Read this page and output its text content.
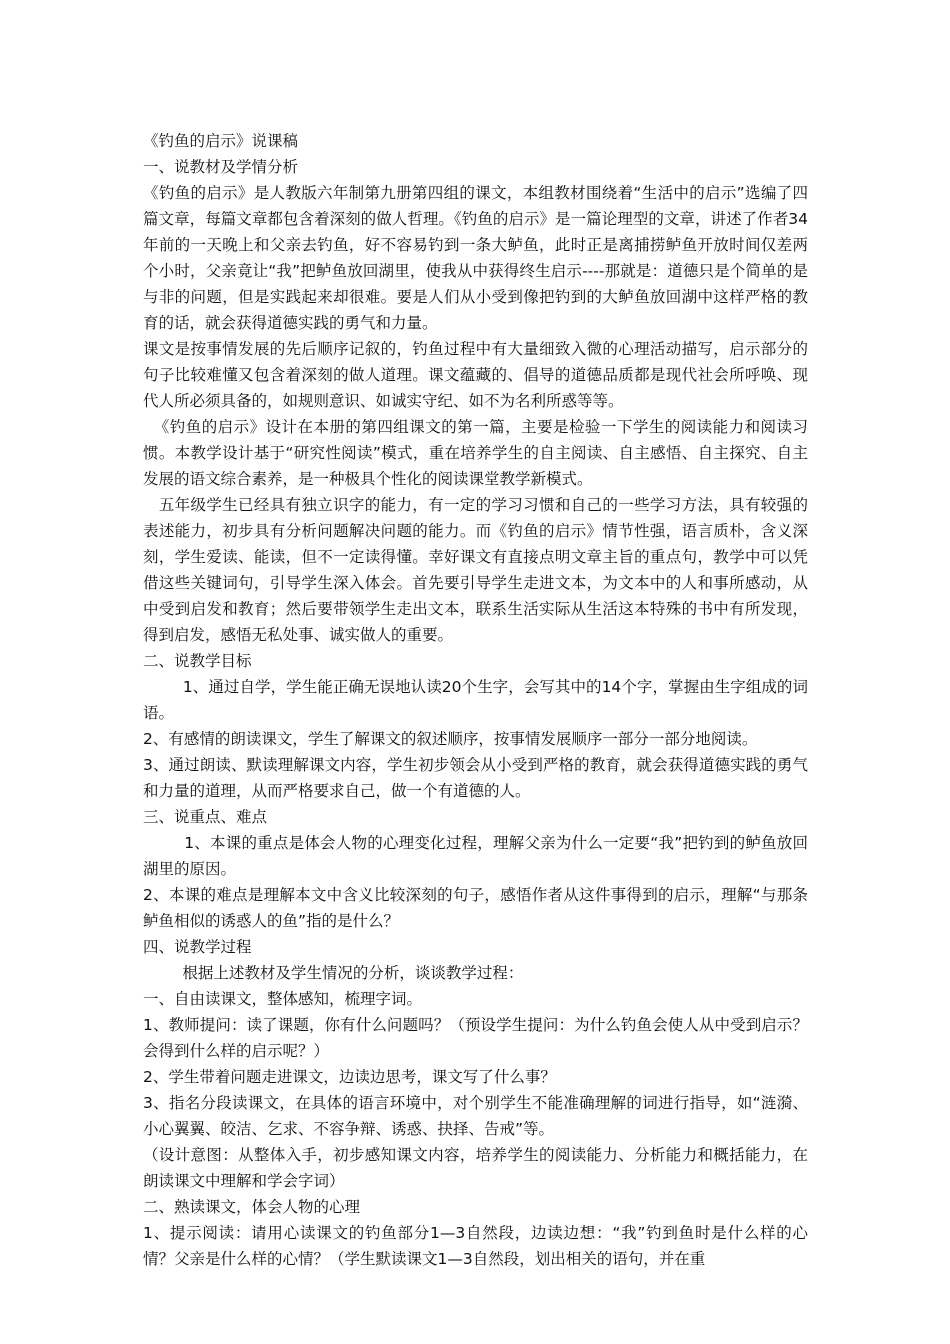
《钓鱼的启示》说课稿

一、说教材及学情分析

《钓鱼的启示》是人教版六年制第九册第四组的课文，本组教材围绕着“生活中的启示”选编了四篇文章，每篇文章都包含着深刻的做人哲理。《钓鱼的启示》是一篇论理型的文章，讲述了作者34年前的一天晚上和父亲去钓鱼，好不容易钓到一条大鲈鱼，此时正是离捕捞鲈鱼开放时间仅差两个小时，父亲竟让“我”把鲈鱼放回湖里，使我从中获得终生启示----那就是：道德只是个简单的是与非的问题，但是实践起来却很难。要是人们从小受到像把钓到的大鲈鱼放回湖中这样严格的教育的话，就会获得道德实践的勇气和力量。

课文是按事情发展的先后顺序记叙的，钓鱼过程中有大量细致入微的心理活动描写，启示部分的句子比较难懂又包含着深刻的做人道理。课文蕴藏的、倡导的道德品质都是现代社会所呼唤、现代人所必须具备的，如规则意识、如诚实守纪、如不为名利所惑等等。

《钓鱼的启示》设计在本册的第四组课文的第一篇，主要是检验一下学生的阅读能力和阅读习惯。本教学设计基于“研究性阅读”模式，重在培养学生的自主阅读、自主感悟、自主探究、自主发展的语文综合素养，是一种极具个性化的阅读课堂教学新模式。

五年级学生已经具有独立识字的能力，有一定的学习习惯和自己的一些学习方法，具有较强的表述能力，初步具有分析问题解决问题的能力。而《钓鱼的启示》情节性强，语言质朴，含义深刻，学生爱读、能读，但不一定读得懂。幸好课文有直接点明文章主旨的重点句，教学中可以凭借这些关键词句，引导学生深入体会。首先要引导学生走进文本，为文本中的人和事所感动，从中受到启发和教育；然后要带领学生走出文本，联系生活实际从生活这本特殊的书中有所发现，得到启发，感悟无私处事、诚实做人的重要。

二、说教学目标

1、通过自学，学生能正确无误地认读20个生字，会写其中的14个字，掌握由生字组成的词语。

2、有感情的朗读课文，学生了解课文的叙述顺序，按事情发展顺序一部分一部分地阅读。

3、通过朗读、默读理解课文内容，学生初步领会从小受到严格的教育，就会获得道德实践的勇气和力量的道理，从而严格要求自己，做一个有道德的人。

三、说重点、难点

1、本课的重点是体会人物的心理变化过程，理解父亲为什么一定要“我”把钓到的鲈鱼放回湖里的原因。

2、本课的难点是理解本文中含义比较深刻的句子，感悟作者从这件事得到的启示，理解“与那条鲈鱼相似的诱惑人的鱼”指的是什么？

四、说教学过程

根据上述教材及学生情况的分析，谈谈教学过程：

一、自由读课文，整体感知，梳理字词。

1、教师提问：读了课题，你有什么问题吗？（预设学生提问：为什么钓鱼会使人从中受到启示？会得到什么样的启示呢？）

2、学生带着问题走进课文，边读边思考，课文写了什么事？

3、指名分段读课文，在具体的语言环境中，对个别学生不能准确理解的词进行指导，如“涟漪、小心翼翼、皎洁、乞求、不容争辩、诱惑、抉择、告戒”等。

（设计意图：从整体入手，初步感知课文内容，培养学生的阅读能力、分析能力和概括能力，在朗读课文中理解和学会字词）

二、熟读课文，体会人物的心理

1、提示阅读：请用心读课文的钓鱼部分1—3自然段，边读边想：“我”钓到鱼时是什么样的心情？父亲是什么样的心情？（学生默读课文1—3自然段，划出相关的语句，并在重
